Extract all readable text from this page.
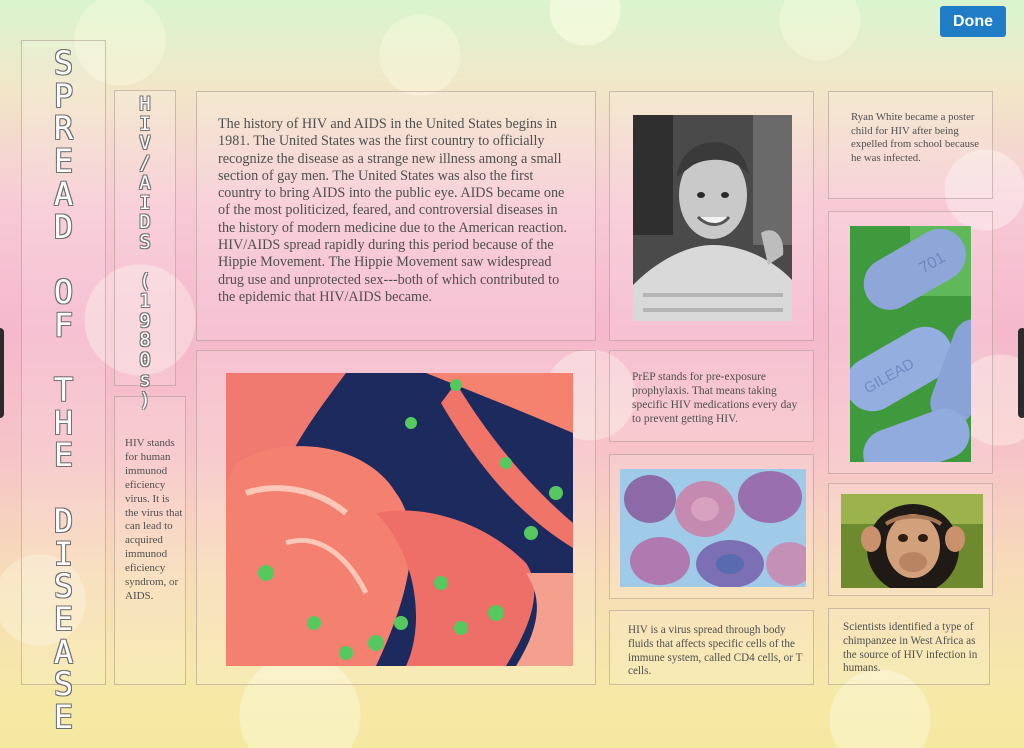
Done
S
P
R
E
A
D

O
F

T
H
E

D
I
S
E
A
S
E
H
I
V
/
A
I
D
S

(
1
9
8
0
s
)
HIV stands for human immunod eficiency virus. It is the virus that can lead to acquired immunod eficiency syndrom, or AIDS.
The history of HIV and AIDS in the United States begins in 1981. The United States was the first country to officially recognize the disease as a strange new illness among a small section of gay men. The United States was also the first country to bring AIDS into the public eye. AIDS became one of the most politicized, feared, and controversial diseases in the history of modern medicine due to the American reaction. HIV/AIDS spread rapidly during this period because of the Hippie Movement. The Hippie Movement saw widespread drug use and unprotected sex---both of which contributed to the epidemic that HIV/AIDS became.
PrEP stands for pre-exposure prophylaxis. That means taking specific HIV medications every day to prevent getting HIV.
HIV is a virus spread through body fluids that affects specific cells of the immune system, called CD4 cells, or T cells.
Ryan White became a poster child for HIV after being expelled from school because he was infected.
701
GILEAD
Scientists identified a type of chimpanzee in West Africa as the source of HIV infection in humans.
